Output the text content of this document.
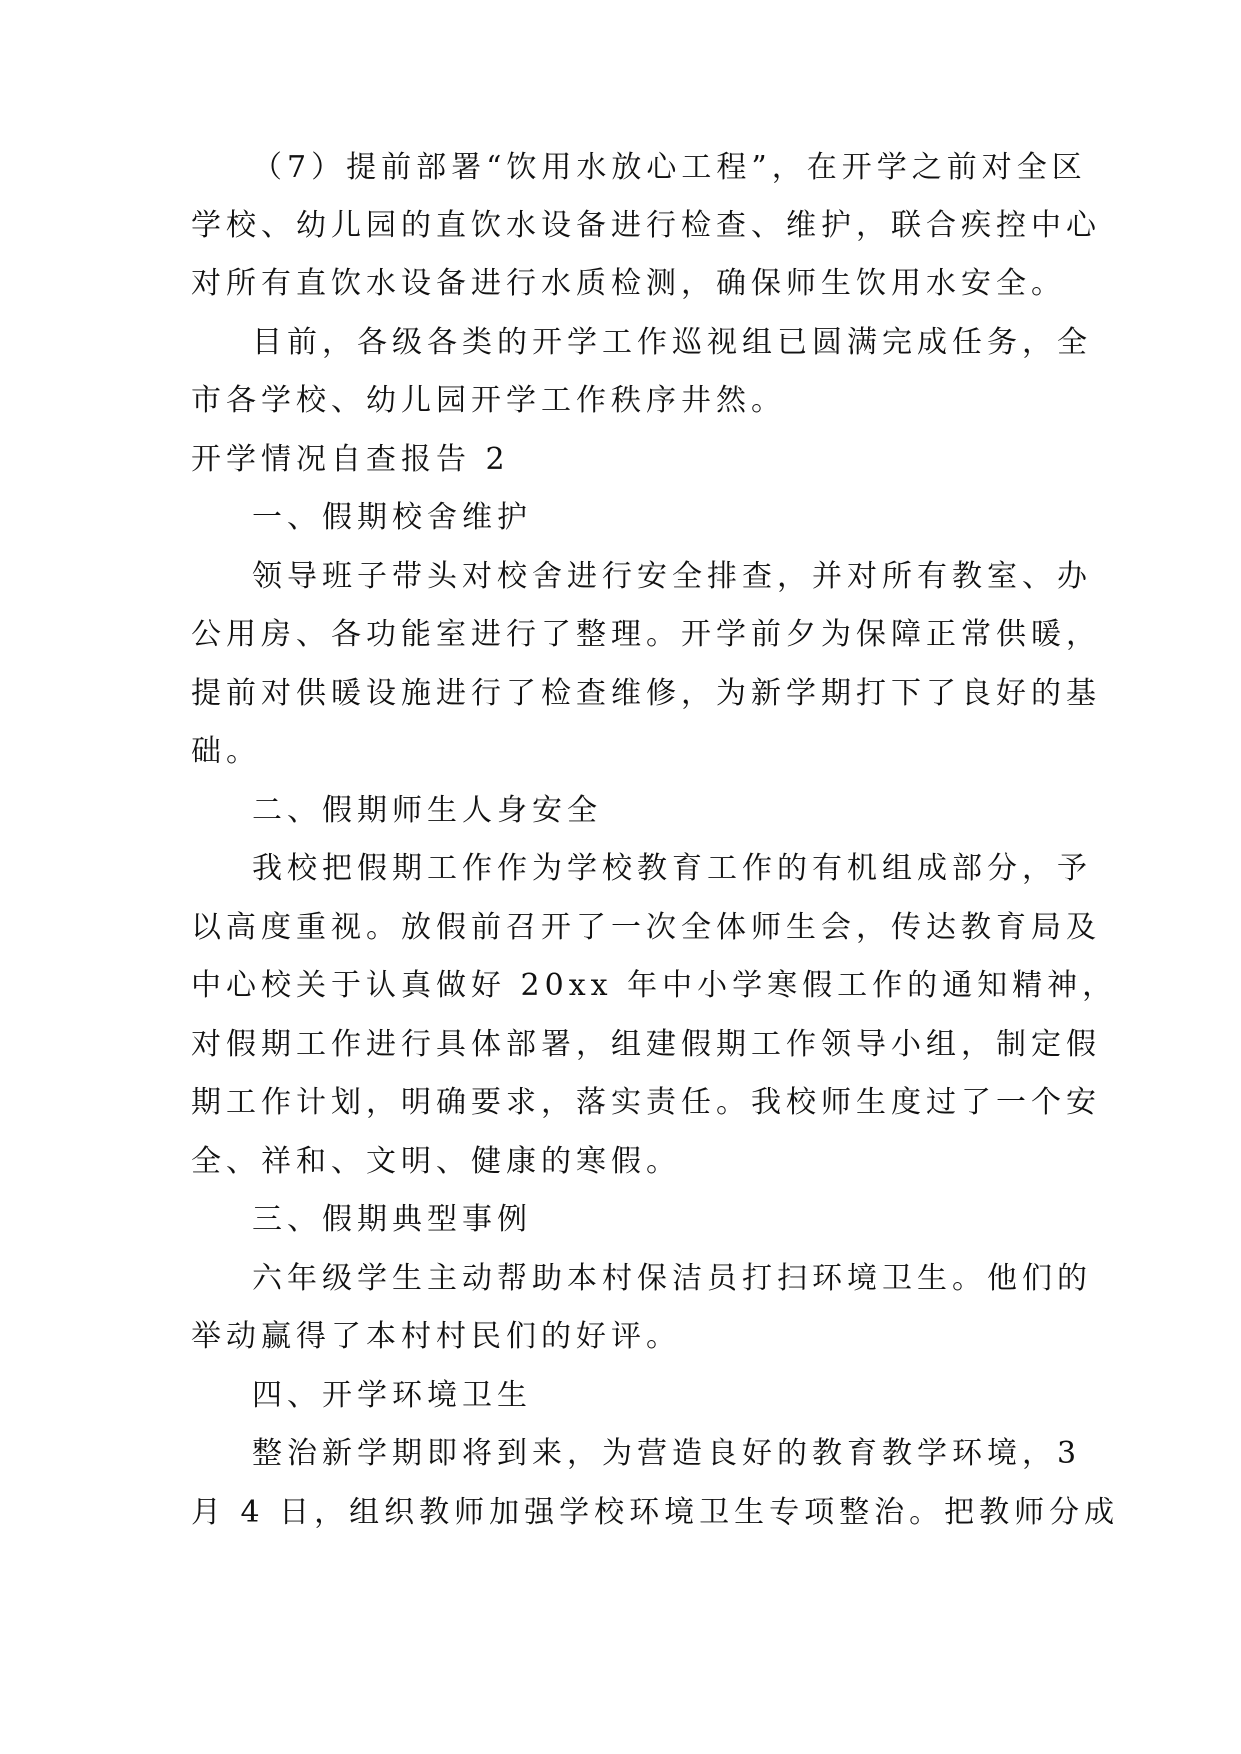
（7）提前部署“饮用水放心工程”，在开学之前对全区
学校、幼儿园的直饮水设备进行检查、维护，联合疾控中心
对所有直饮水设备进行水质检测，确保师生饮用水安全。
目前，各级各类的开学工作巡视组已圆满完成任务，全
市各学校、幼儿园开学工作秩序井然。
开学情况自查报告 2
一、假期校舍维护
领导班子带头对校舍进行安全排查，并对所有教室、办
公用房、各功能室进行了整理。开学前夕为保障正常供暖，
提前对供暖设施进行了检查维修，为新学期打下了良好的基
础。
二、假期师生人身安全
我校把假期工作作为学校教育工作的有机组成部分，予
以高度重视。放假前召开了一次全体师生会，传达教育局及
中心校关于认真做好 20xx 年中小学寒假工作的通知精神，
对假期工作进行具体部署，组建假期工作领导小组，制定假
期工作计划，明确要求，落实责任。我校师生度过了一个安
全、祥和、文明、健康的寒假。
三、假期典型事例
六年级学生主动帮助本村保洁员打扫环境卫生。他们的
举动赢得了本村村民们的好评。
四、开学环境卫生
整治新学期即将到来，为营造良好的教育教学环境，3
月 4 日，组织教师加强学校环境卫生专项整治。把教师分成
